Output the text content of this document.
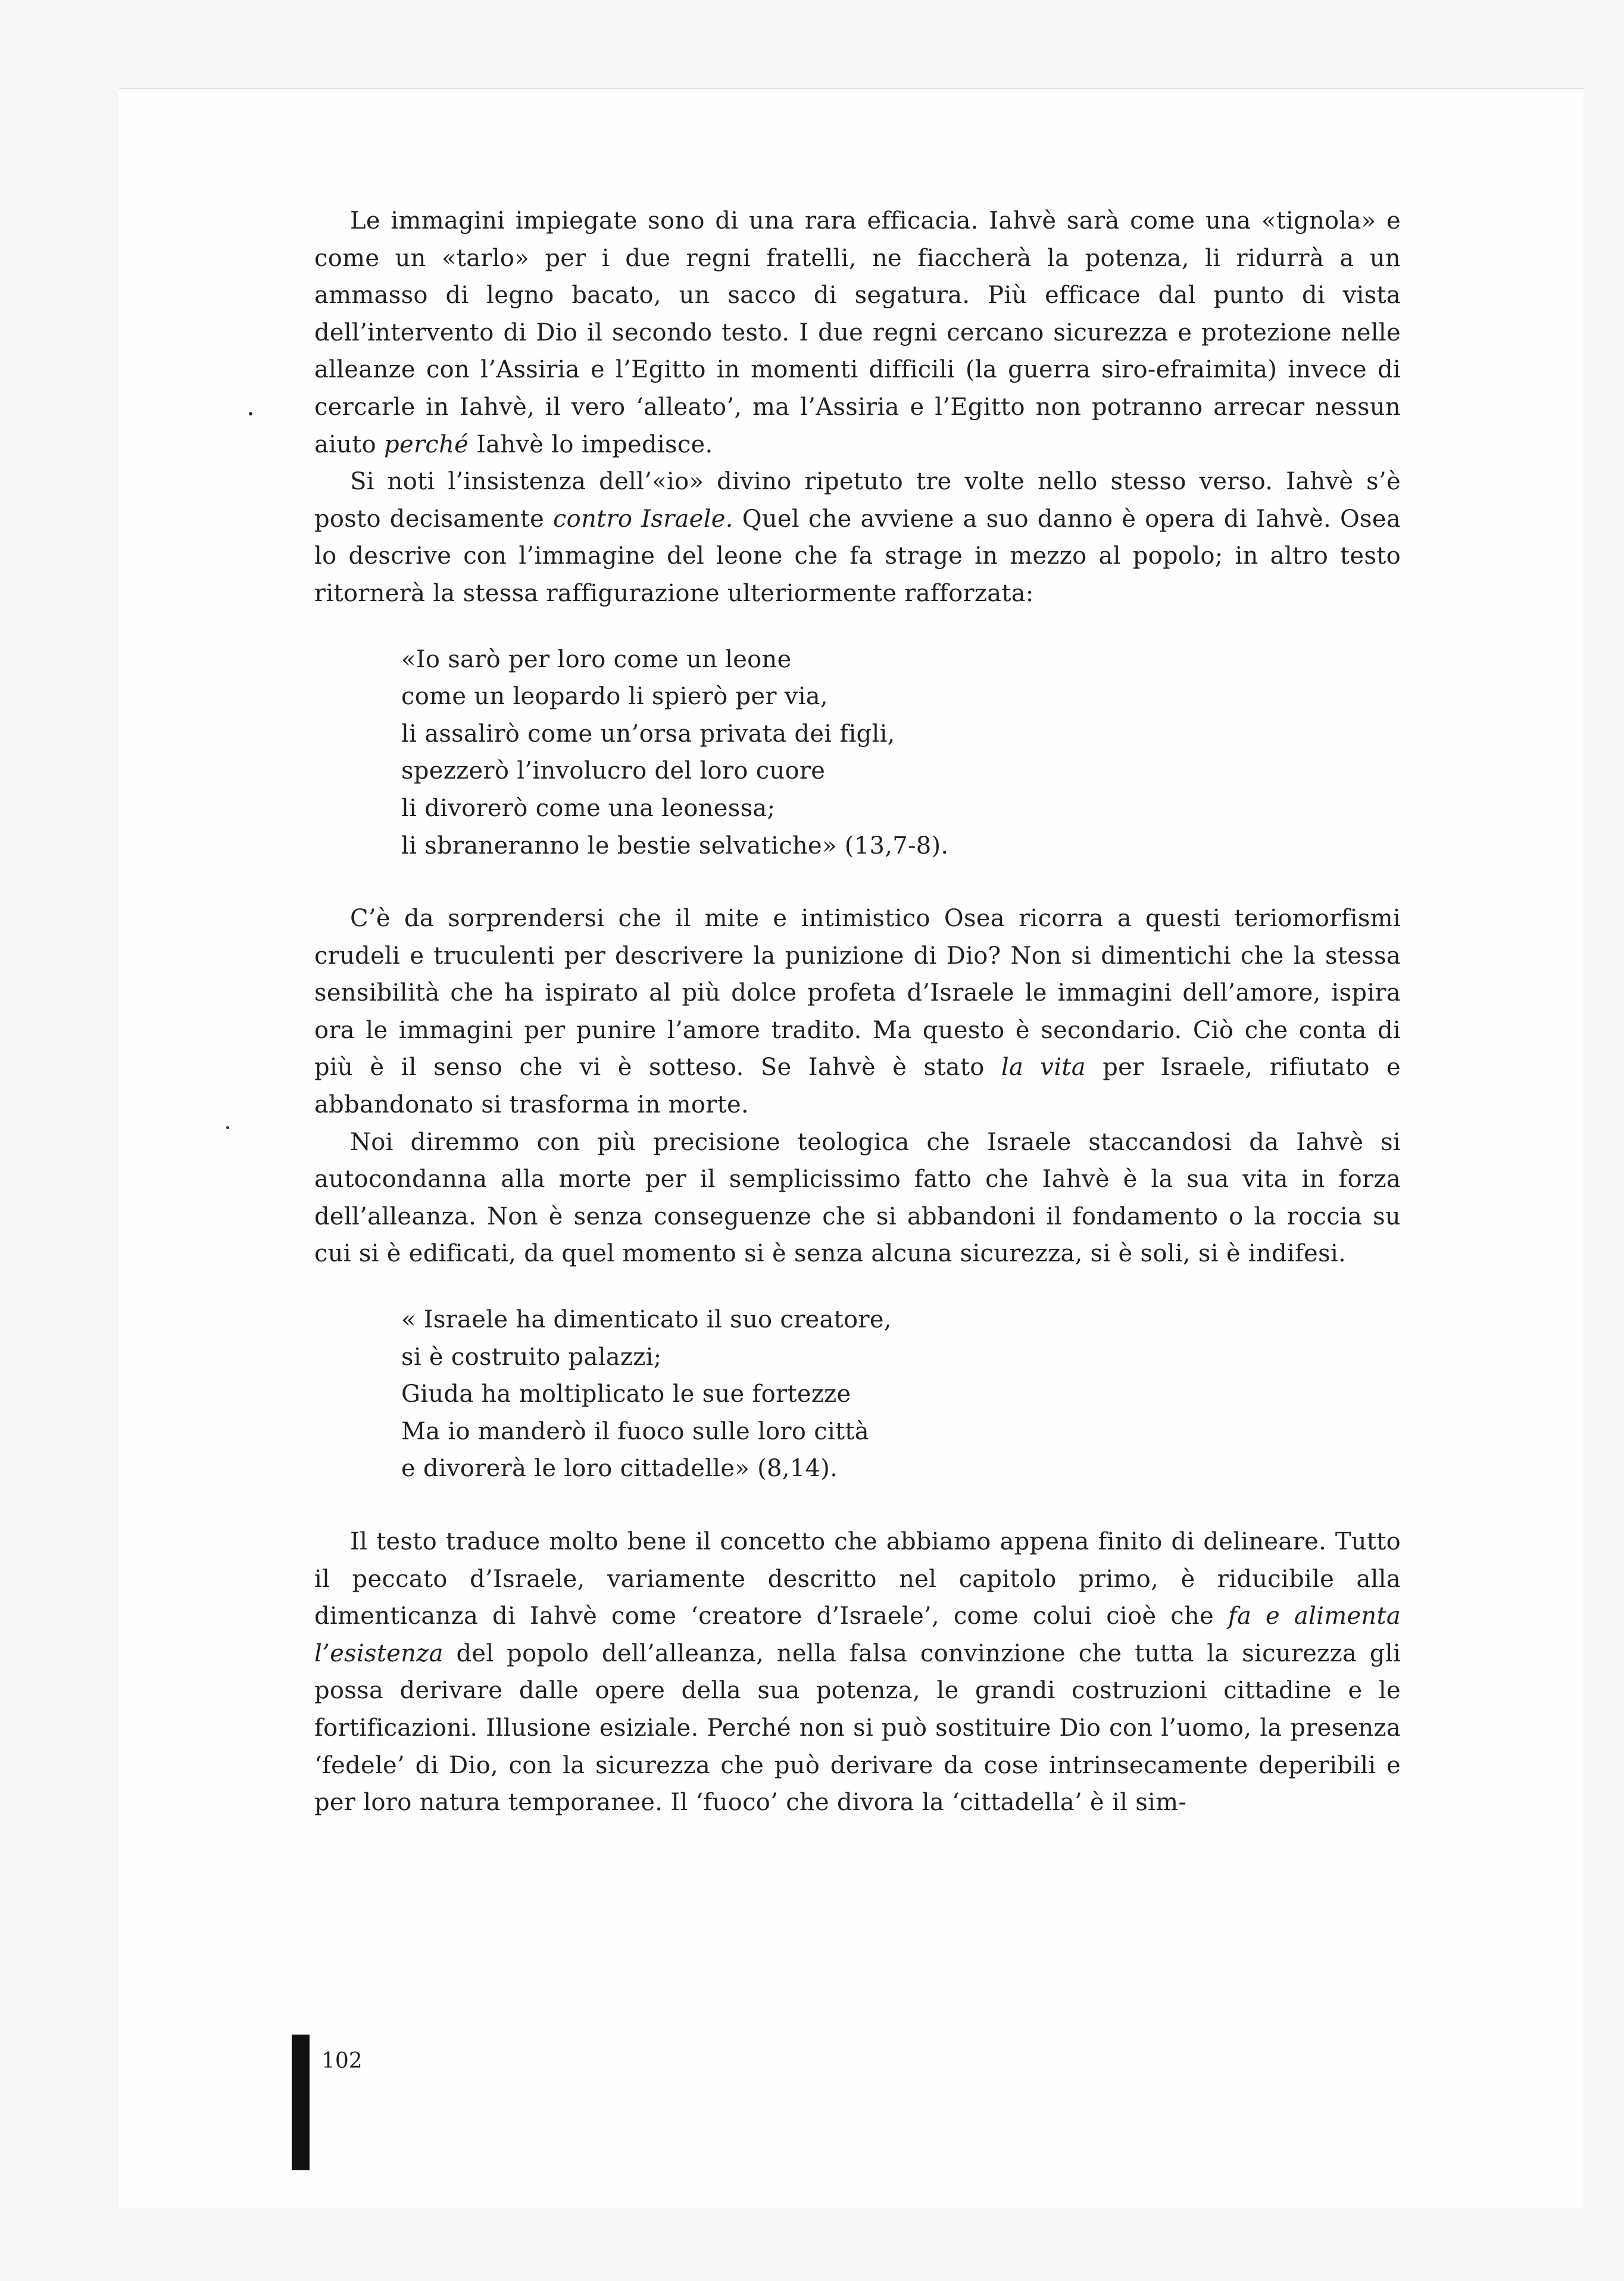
Le immagini impiegate sono di una rara efficacia. Iahvè sarà come una «tignola» e come un «tarlo» per i due regni fratelli, ne fiaccherà la potenza, li ridurrà a un ammasso di legno bacato, un sacco di segatura. Più efficace dal punto di vista dell’intervento di Dio il secondo testo. I due regni cercano sicurezza e protezione nelle alleanze con l’Assiria e l’Egitto in momenti difficili (la guerra siro-efraimita) invece di cercarle in Iahvè, il vero ‘alleato’, ma l’Assiria e l’Egitto non potranno arrecar nessun aiuto perché Iahvè lo impedisce.

Si noti l’insistenza dell’«io» divino ripetuto tre volte nello stesso verso. Iahvè s’è posto decisamente contro Israele. Quel che avviene a suo danno è opera di Iahvè. Osea lo descrive con l’immagine del leone che fa strage in mezzo al popolo; in altro testo ritornerà la stessa raffigurazione ulteriormente rafforzata:

«Io sarò per loro come un leone
come un leopardo li spierò per via,
li assalirò come un’orsa privata dei figli,
spezzerò l’involucro del loro cuore
li divorerò come una leonessa;
li sbraneranno le bestie selvatiche» (13,7-8).

C’è da sorprendersi che il mite e intimistico Osea ricorra a questi teriomorfismi crudeli e truculenti per descrivere la punizione di Dio? Non si dimentichi che la stessa sensibilità che ha ispirato al più dolce profeta d’Israele le immagini dell’amore, ispira ora le immagini per punire l’amore tradito. Ma questo è secondario. Ciò che conta di più è il senso che vi è sotteso. Se Iahvè è stato la vita per Israele, rifiutato e abbandonato si trasforma in morte.

Noi diremmo con più precisione teologica che Israele staccandosi da Iahvè si autocondanna alla morte per il semplicissimo fatto che Iahvè è la sua vita in forza dell’alleanza. Non è senza conseguenze che si abbandoni il fondamento o la roccia su cui si è edificati, da quel momento si è senza alcuna sicurezza, si è soli, si è indifesi.

« Israele ha dimenticato il suo creatore,
si è costruito palazzi;
Giuda ha moltiplicato le sue fortezze
Ma io manderò il fuoco sulle loro città
e divorerà le loro cittadelle» (8,14).

Il testo traduce molto bene il concetto che abbiamo appena finito di delineare. Tutto il peccato d’Israele, variamente descritto nel capitolo primo, è riducibile alla dimenticanza di Iahvè come ‘creatore d’Israele’, come colui cioè che fa e alimenta l’esistenza del popolo dell’alleanza, nella falsa convinzione che tutta la sicurezza gli possa derivare dalle opere della sua potenza, le grandi costruzioni cittadine e le fortificazioni. Illusione esiziale. Perché non si può sostituire Dio con l’uomo, la presenza ‘fedele’ di Dio, con la sicurezza che può derivare da cose intrinsecamente deperibili e per loro natura temporanee. Il ‘fuoco’ che divora la ‘cittadella’ è il sim-

102
